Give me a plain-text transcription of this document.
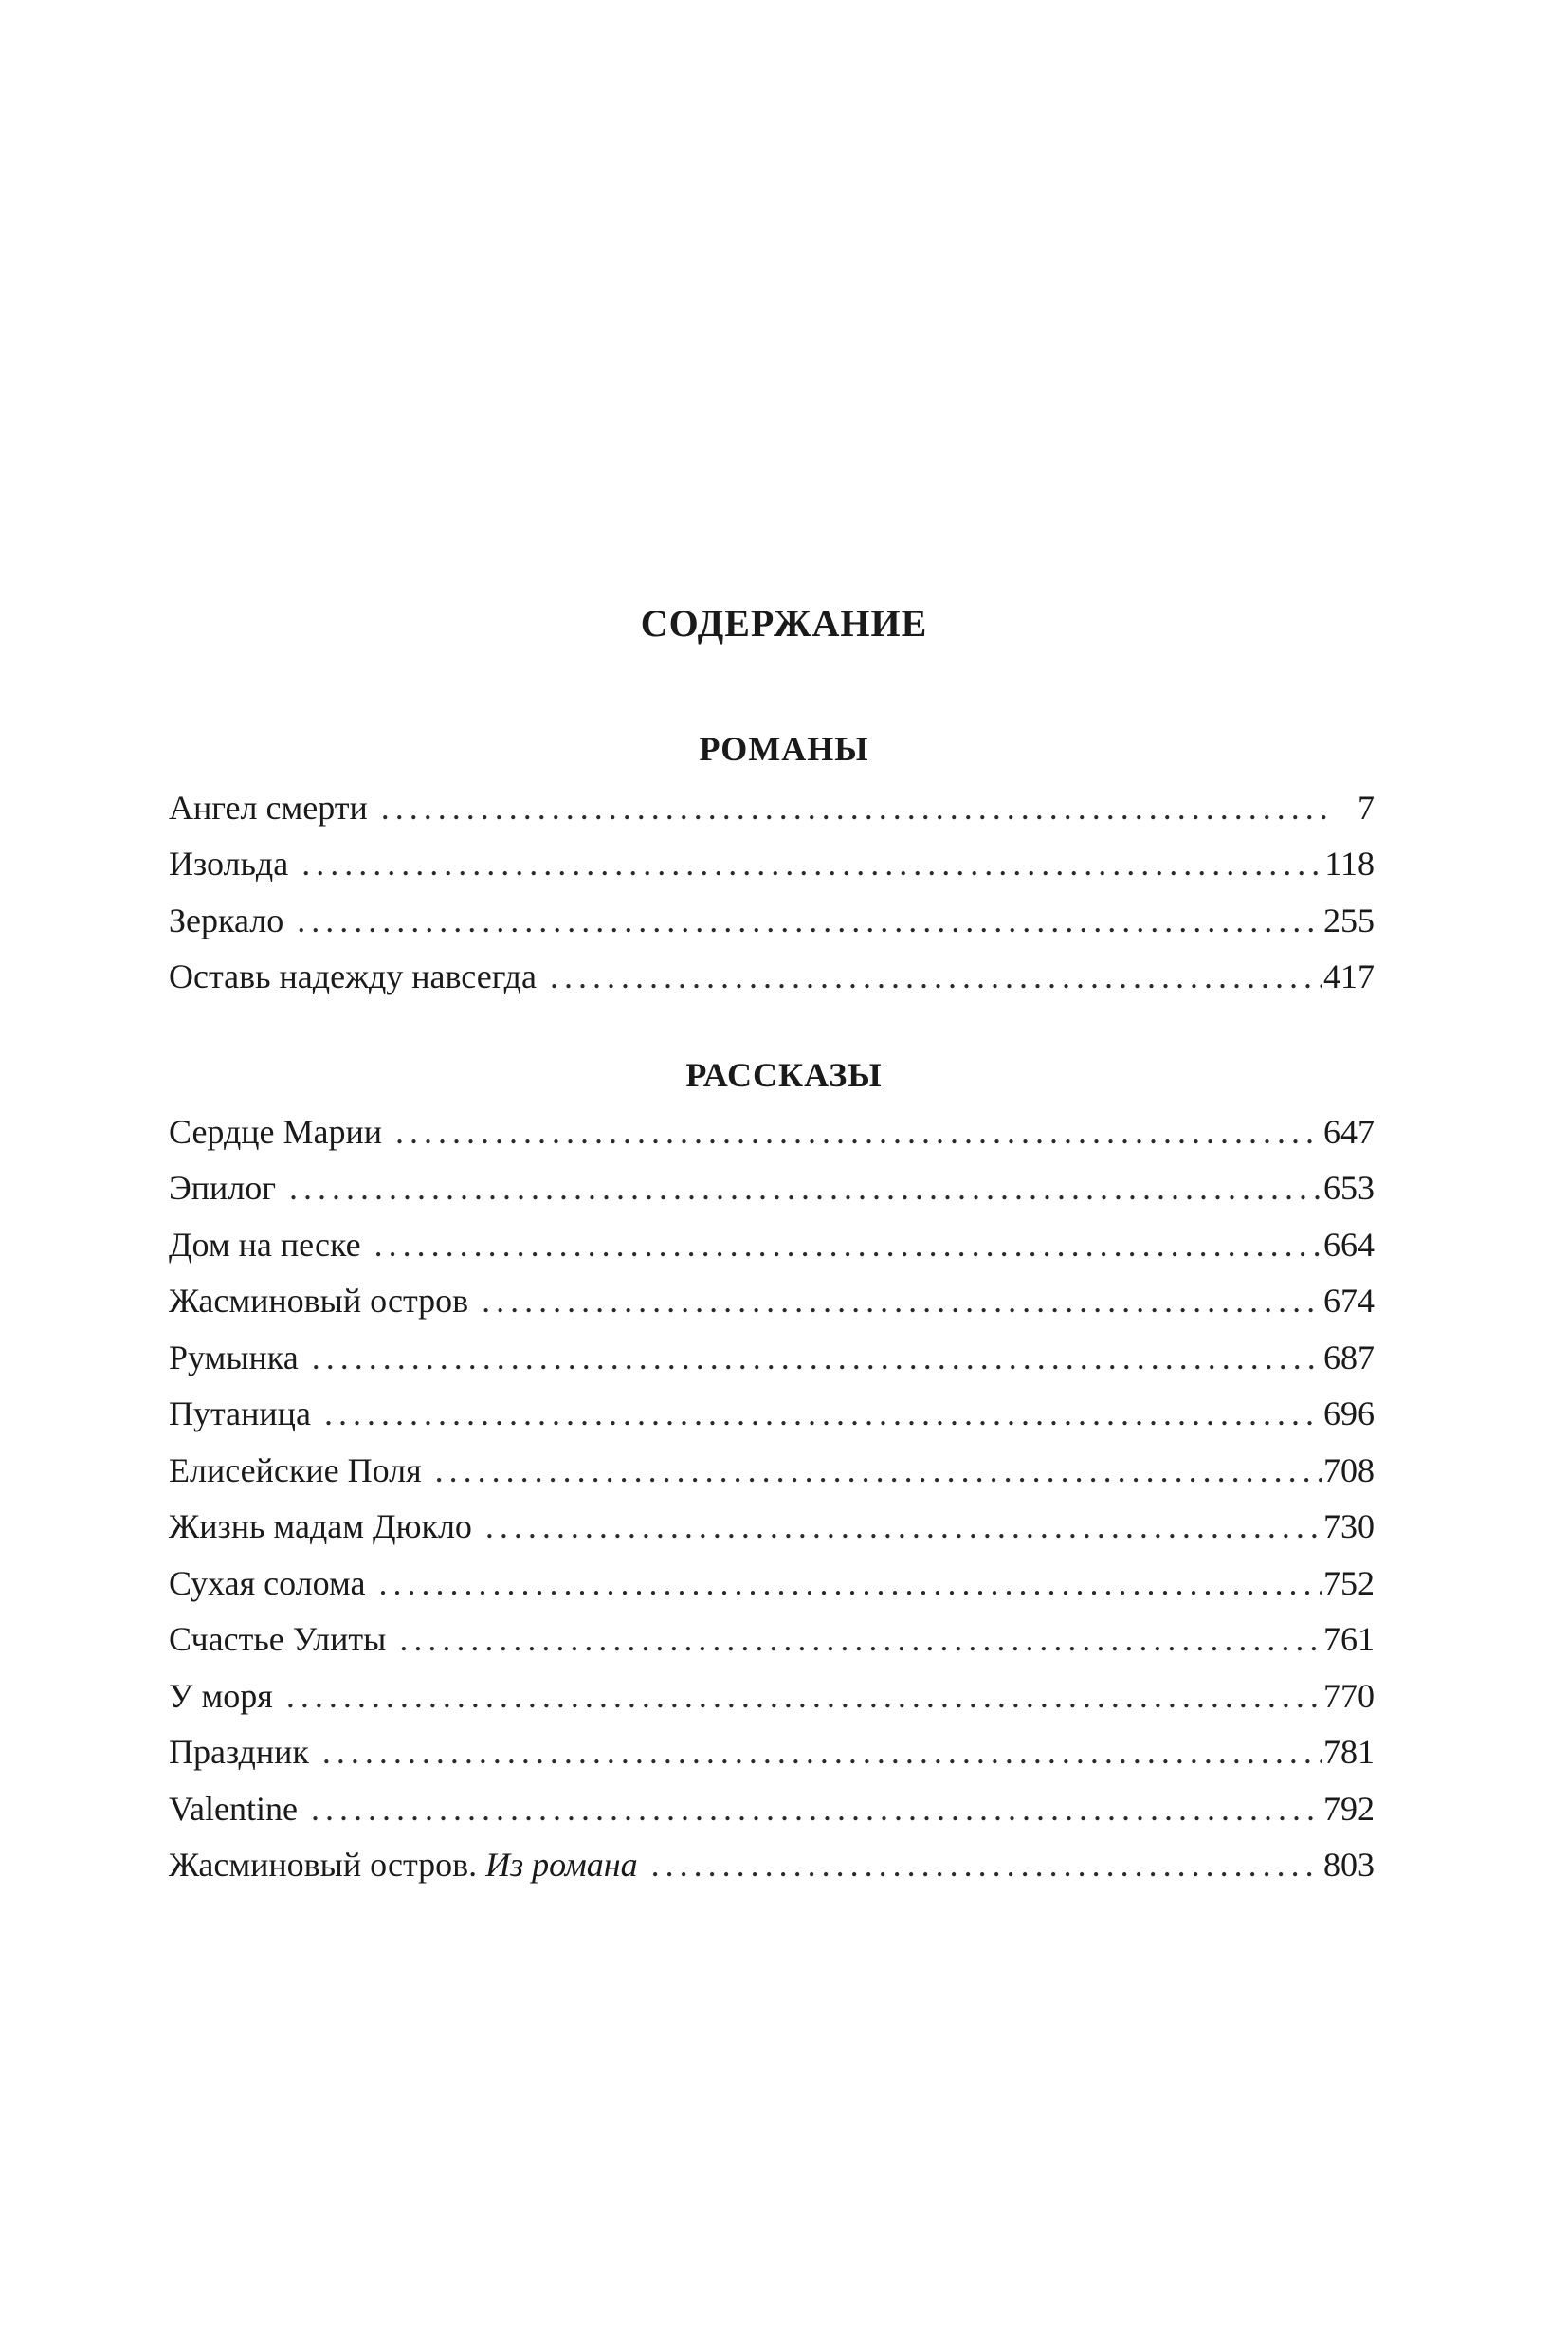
СОДЕРЖАНИЕ
РОМАНЫ
Ангел смерти .....	7
Изольда .....	118
Зеркало .....	255
Оставь надежду навсегда .....	417
РАССКАЗЫ
Сердце Марии .....	647
Эпилог .....	653
Дом на песке .....	664
Жасминовый остров .....	674
Румынка .....	687
Путаница .....	696
Елисейские Поля .....	708
Жизнь мадам Дюкло .....	730
Сухая солома .....	752
Счастье Улиты .....	761
У моря .....	770
Праздник .....	781
Valentine .....	792
Жасминовый остров. Из романа .....	803
